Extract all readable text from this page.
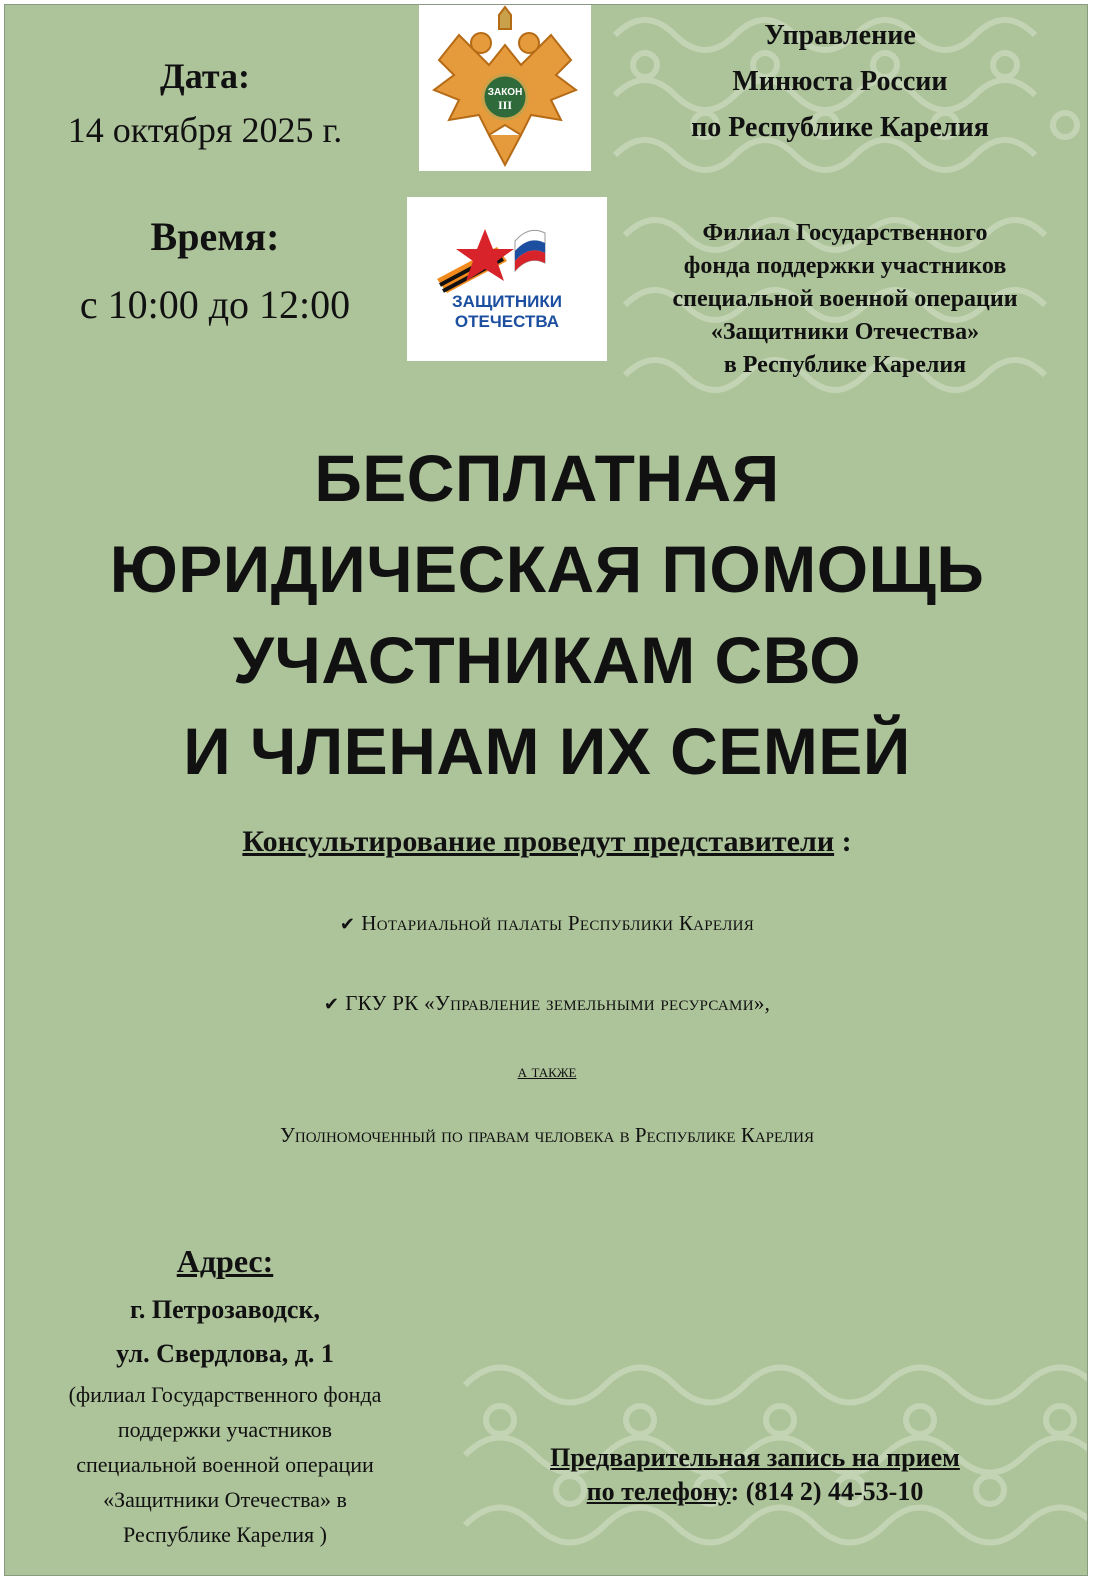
Дата:
14 октября 2025 г.
Время:
с 10:00 до 12:00
ЗАКОН
III
ЗАЩИТНИКИ
ОТЕЧЕСТВА
Управление
Минюста России
по Республике Карелия
Филиал Государственного
фонда поддержки участников
специальной военной операции
«Защитники Отечества»
в Республике Карелия
БЕСПЛАТНАЯ
ЮРИДИЧЕСКАЯ ПОМОЩЬ
УЧАСТНИКАМ СВО
И ЧЛЕНАМ ИХ СЕМЕЙ
Консультирование проведут представители :
✔ Нотариальной палаты Республики Карелия
✔ ГКУ РК «Управление земельными ресурсами»,
а также
Уполномоченный по правам человека в Республике Карелия
Адрес:
г. Петрозаводск,
ул. Свердлова, д. 1
(филиал Государственного фонда
поддержки участников
специальной военной операции
«Защитники Отечества» в
Республике Карелия )
Предварительная запись на прием
по телефону: (814 2) 44-53-10
